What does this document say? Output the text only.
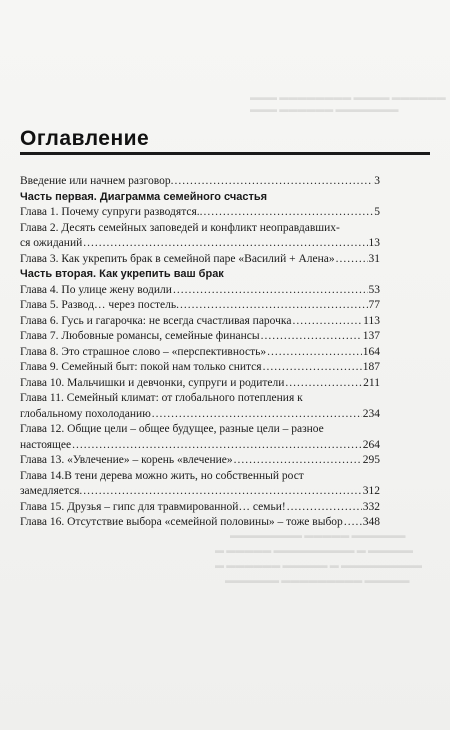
▬▬▬ ▬▬▬▬▬▬▬▬ ▬▬▬▬ ▬▬▬▬▬▬
▬▬▬ ▬▬▬▬▬▬ ▬▬▬▬▬▬▬
▬▬▬▬▬▬▬▬ ▬▬▬▬▬ ▬▬▬▬▬▬
▬ ▬▬▬▬▬ ▬▬▬▬▬▬▬▬▬ ▬ ▬▬▬▬▬
▬ ▬▬▬▬▬▬ ▬▬▬▬▬ ▬ ▬▬▬▬▬▬▬▬▬
▬▬▬▬▬▬ ▬▬▬▬▬▬▬▬▬ ▬▬▬▬▬
Оглавление
Введение или начнем разговор. .....	3
Часть первая. Диаграмма семейного счастья
Глава 1. Почему супруги разводятся.. .....	5
Глава 2. Десять семейных заповедей и конфликт неоправдавших-
ся ожиданий .....	13
Глава 3. Как укрепить брак в семейной паре «Василий + Алена» .....	31
Часть вторая. Как укрепить ваш брак
Глава 4. По улице жену водили .....	53
Глава 5. Развод… через постель. .....	77
Глава 6. Гусь и гагарочка: не всегда счастливая парочка .....	113
Глава 7. Любовные романсы, семейные финансы .....	137
Глава 8. Это страшное слово – «перспективность» .....	164
Глава 9. Семейный быт: покой нам только снится .....	187
Глава 10. Мальчишки и девчонки, супруги и родители .....	211
Глава 11. Семейный климат: от глобального потепления к
глобальному похолоданию .....	234
Глава 12. Общие цели – общее будущее, разные цели – разное
настоящее .....	264
Глава 13. «Увлечение» – корень «влечение» .....	295
Глава 14.В тени дерева можно жить, но собственный рост
замедляется. .....	312
Глава 15. Друзья – гипс для травмированной… семьи! .....	332
Глава 16. Отсутствие выбора «семейной половины» – тоже выбор ..... 348
